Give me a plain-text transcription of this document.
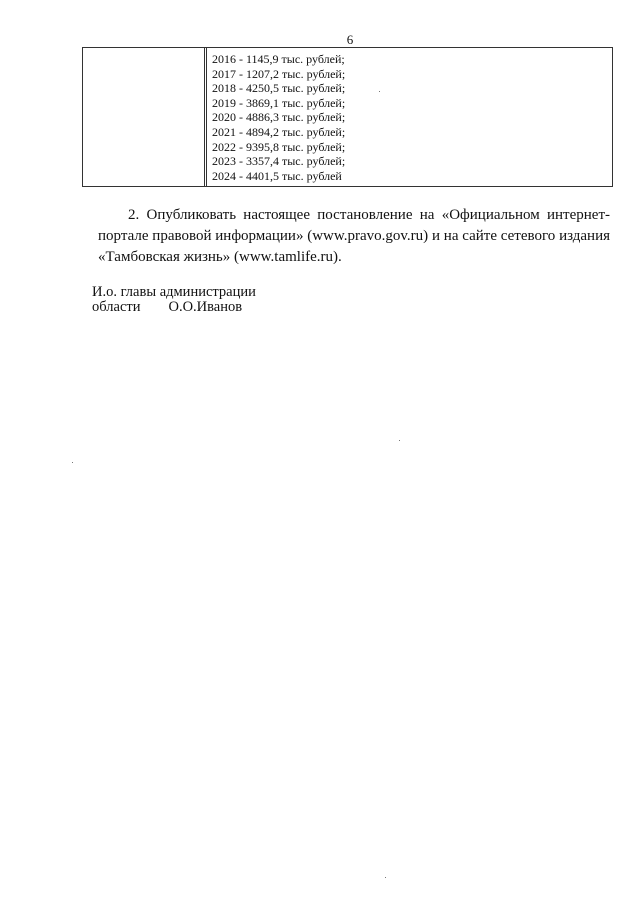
6

2016 - 1145,9 тыс. рублей;
2017 - 1207,2 тыс. рублей;
2018 - 4250,5 тыс. рублей;
2019 - 3869,1 тыс. рублей;
2020 - 4886,3 тыс. рублей;
2021 - 4894,2 тыс. рублей;
2022 - 9395,8 тыс. рублей;
2023 - 3357,4 тыс. рублей;
2024 - 4401,5 тыс. рублей
2. Опубликовать настоящее постановление на «Официальном интернет-портале правовой информации» (www.pravo.gov.ru) и на сайте сетевого издания «Тамбовская жизнь» (www.tamlife.ru).
И.о. главы администрации
области О.О.Иванов
